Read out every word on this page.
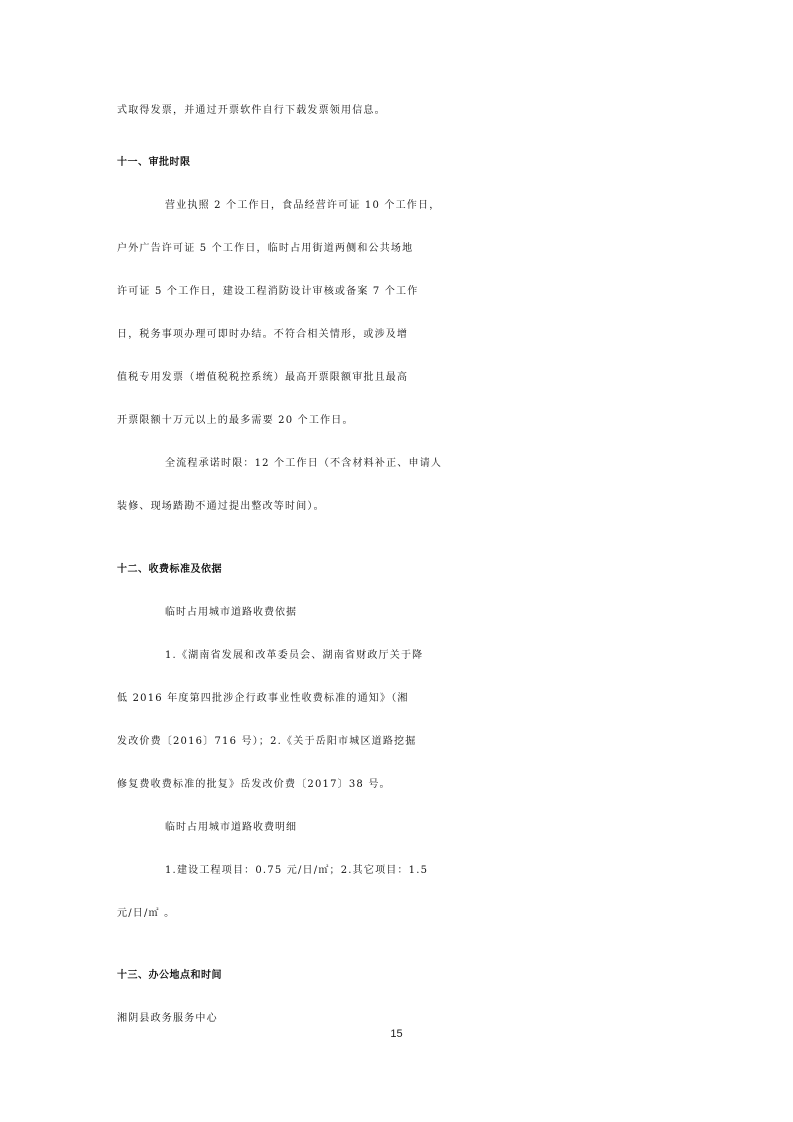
式取得发票，并通过开票软件自行下载发票领用信息。
十一、审批时限
营业执照 2 个工作日，食品经营许可证 10 个工作日，
户外广告许可证 5 个工作日，临时占用街道两侧和公共场地
许可证 5 个工作日，建设工程消防设计审核或备案 7 个工作
日，税务事项办理可即时办结。不符合相关情形，或涉及增
值税专用发票（增值税税控系统）最高开票限额审批且最高
开票限额十万元以上的最多需要 20 个工作日。
全流程承诺时限：12 个工作日（不含材料补正、申请人
装修、现场踏勘不通过提出整改等时间）。
十二、收费标准及依据
临时占用城市道路收费依据
1.《湖南省发展和改革委员会、湖南省财政厅关于降
低 2016 年度第四批涉企行政事业性收费标准的通知》（湘
发改价费〔2016〕716 号）；2.《关于岳阳市城区道路挖掘
修复费收费标准的批复》岳发改价费〔2017〕38 号。
临时占用城市道路收费明细
1.建设工程项目：0.75 元/日/㎡；2.其它项目：1.5
元/日/㎡ 。
十三、办公地点和时间
湘阴县政务服务中心
15
